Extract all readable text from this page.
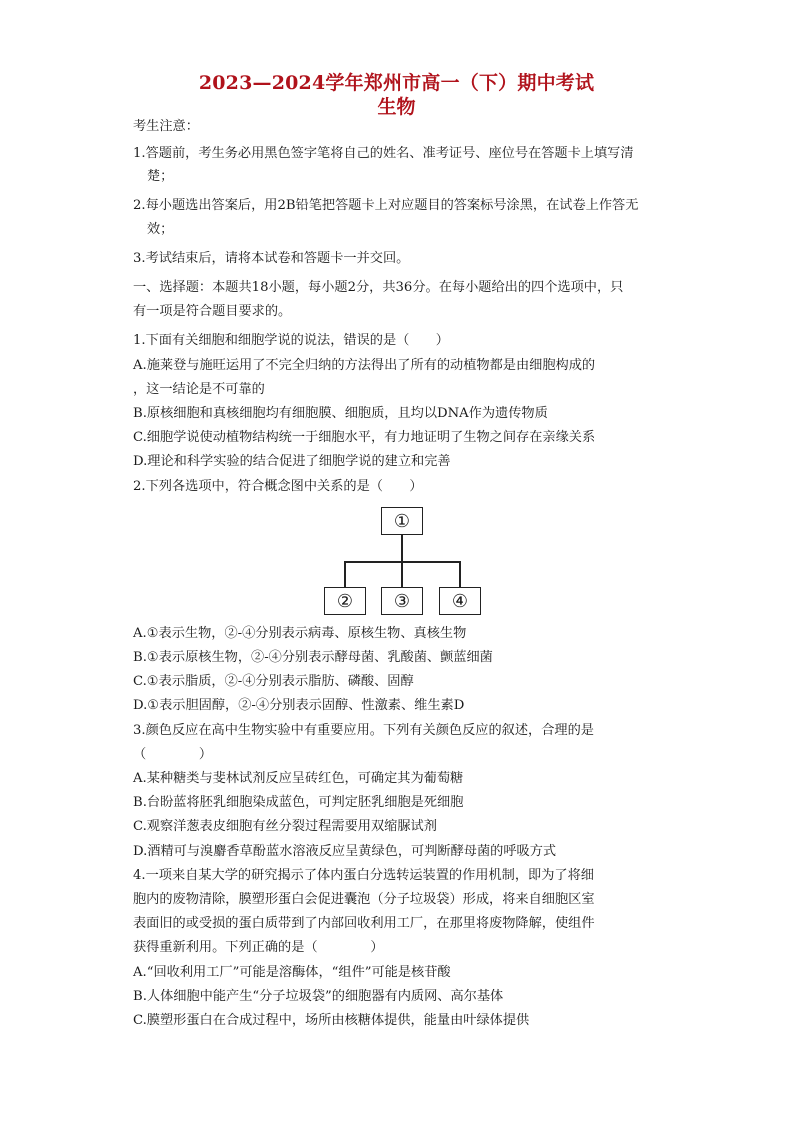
2023—2024学年郑州市高一（下）期中考试
生物
考生注意：
1.答题前，考生务必用黑色签字笔将自己的姓名、准考证号、座位号在答题卡上填写清
楚；
2.每小题选出答案后，用2B铅笔把答题卡上对应题目的答案标号涂黑，在试卷上作答无
效；
3.考试结束后，请将本试卷和答题卡一并交回。
一、选择题：本题共18小题，每小题2分，共36分。在每小题给出的四个选项中，只
有一项是符合题目要求的。
1.下面有关细胞和细胞学说的说法，错误的是（　　）
A.施莱登与施旺运用了不完全归纳的方法得出了所有的动植物都是由细胞构成的
，这一结论是不可靠的
B.原核细胞和真核细胞均有细胞膜、细胞质，且均以DNA作为遗传物质
C.细胞学说使动植物结构统一于细胞水平，有力地证明了生物之间存在亲缘关系
D.理论和科学实验的结合促进了细胞学说的建立和完善
2.下列各选项中，符合概念图中关系的是（　　）
①
②	③	④
A.①表示生物，②-④分别表示病毒、原核生物、真核生物
B.①表示原核生物，②-④分别表示酵母菌、乳酸菌、颤蓝细菌
C.①表示脂质，②-④分别表示脂肪、磷酸、固醇
D.①表示胆固醇，②-④分别表示固醇、性激素、维生素D
3.颜色反应在高中生物实验中有重要应用。下列有关颜色反应的叙述，合理的是
（　　　　）
A.某种糖类与斐林试剂反应呈砖红色，可确定其为葡萄糖
B.台盼蓝将胚乳细胞染成蓝色，可判定胚乳细胞是死细胞
C.观察洋葱表皮细胞有丝分裂过程需要用双缩脲试剂
D.酒精可与溴麝香草酚蓝水溶液反应呈黄绿色，可判断酵母菌的呼吸方式
4.一项来自某大学的研究揭示了体内蛋白分选转运装置的作用机制，即为了将细
胞内的废物清除，膜塑形蛋白会促进囊泡（分子垃圾袋）形成，将来自细胞区室
表面旧的或受损的蛋白质带到了内部回收利用工厂，在那里将废物降解，使组件
获得重新利用。下列正确的是（　　　　）
A.“回收利用工厂”可能是溶酶体，“组件”可能是核苷酸
B.人体细胞中能产生“分子垃圾袋”的细胞器有内质网、高尔基体
C.膜塑形蛋白在合成过程中，场所由核糖体提供，能量由叶绿体提供
